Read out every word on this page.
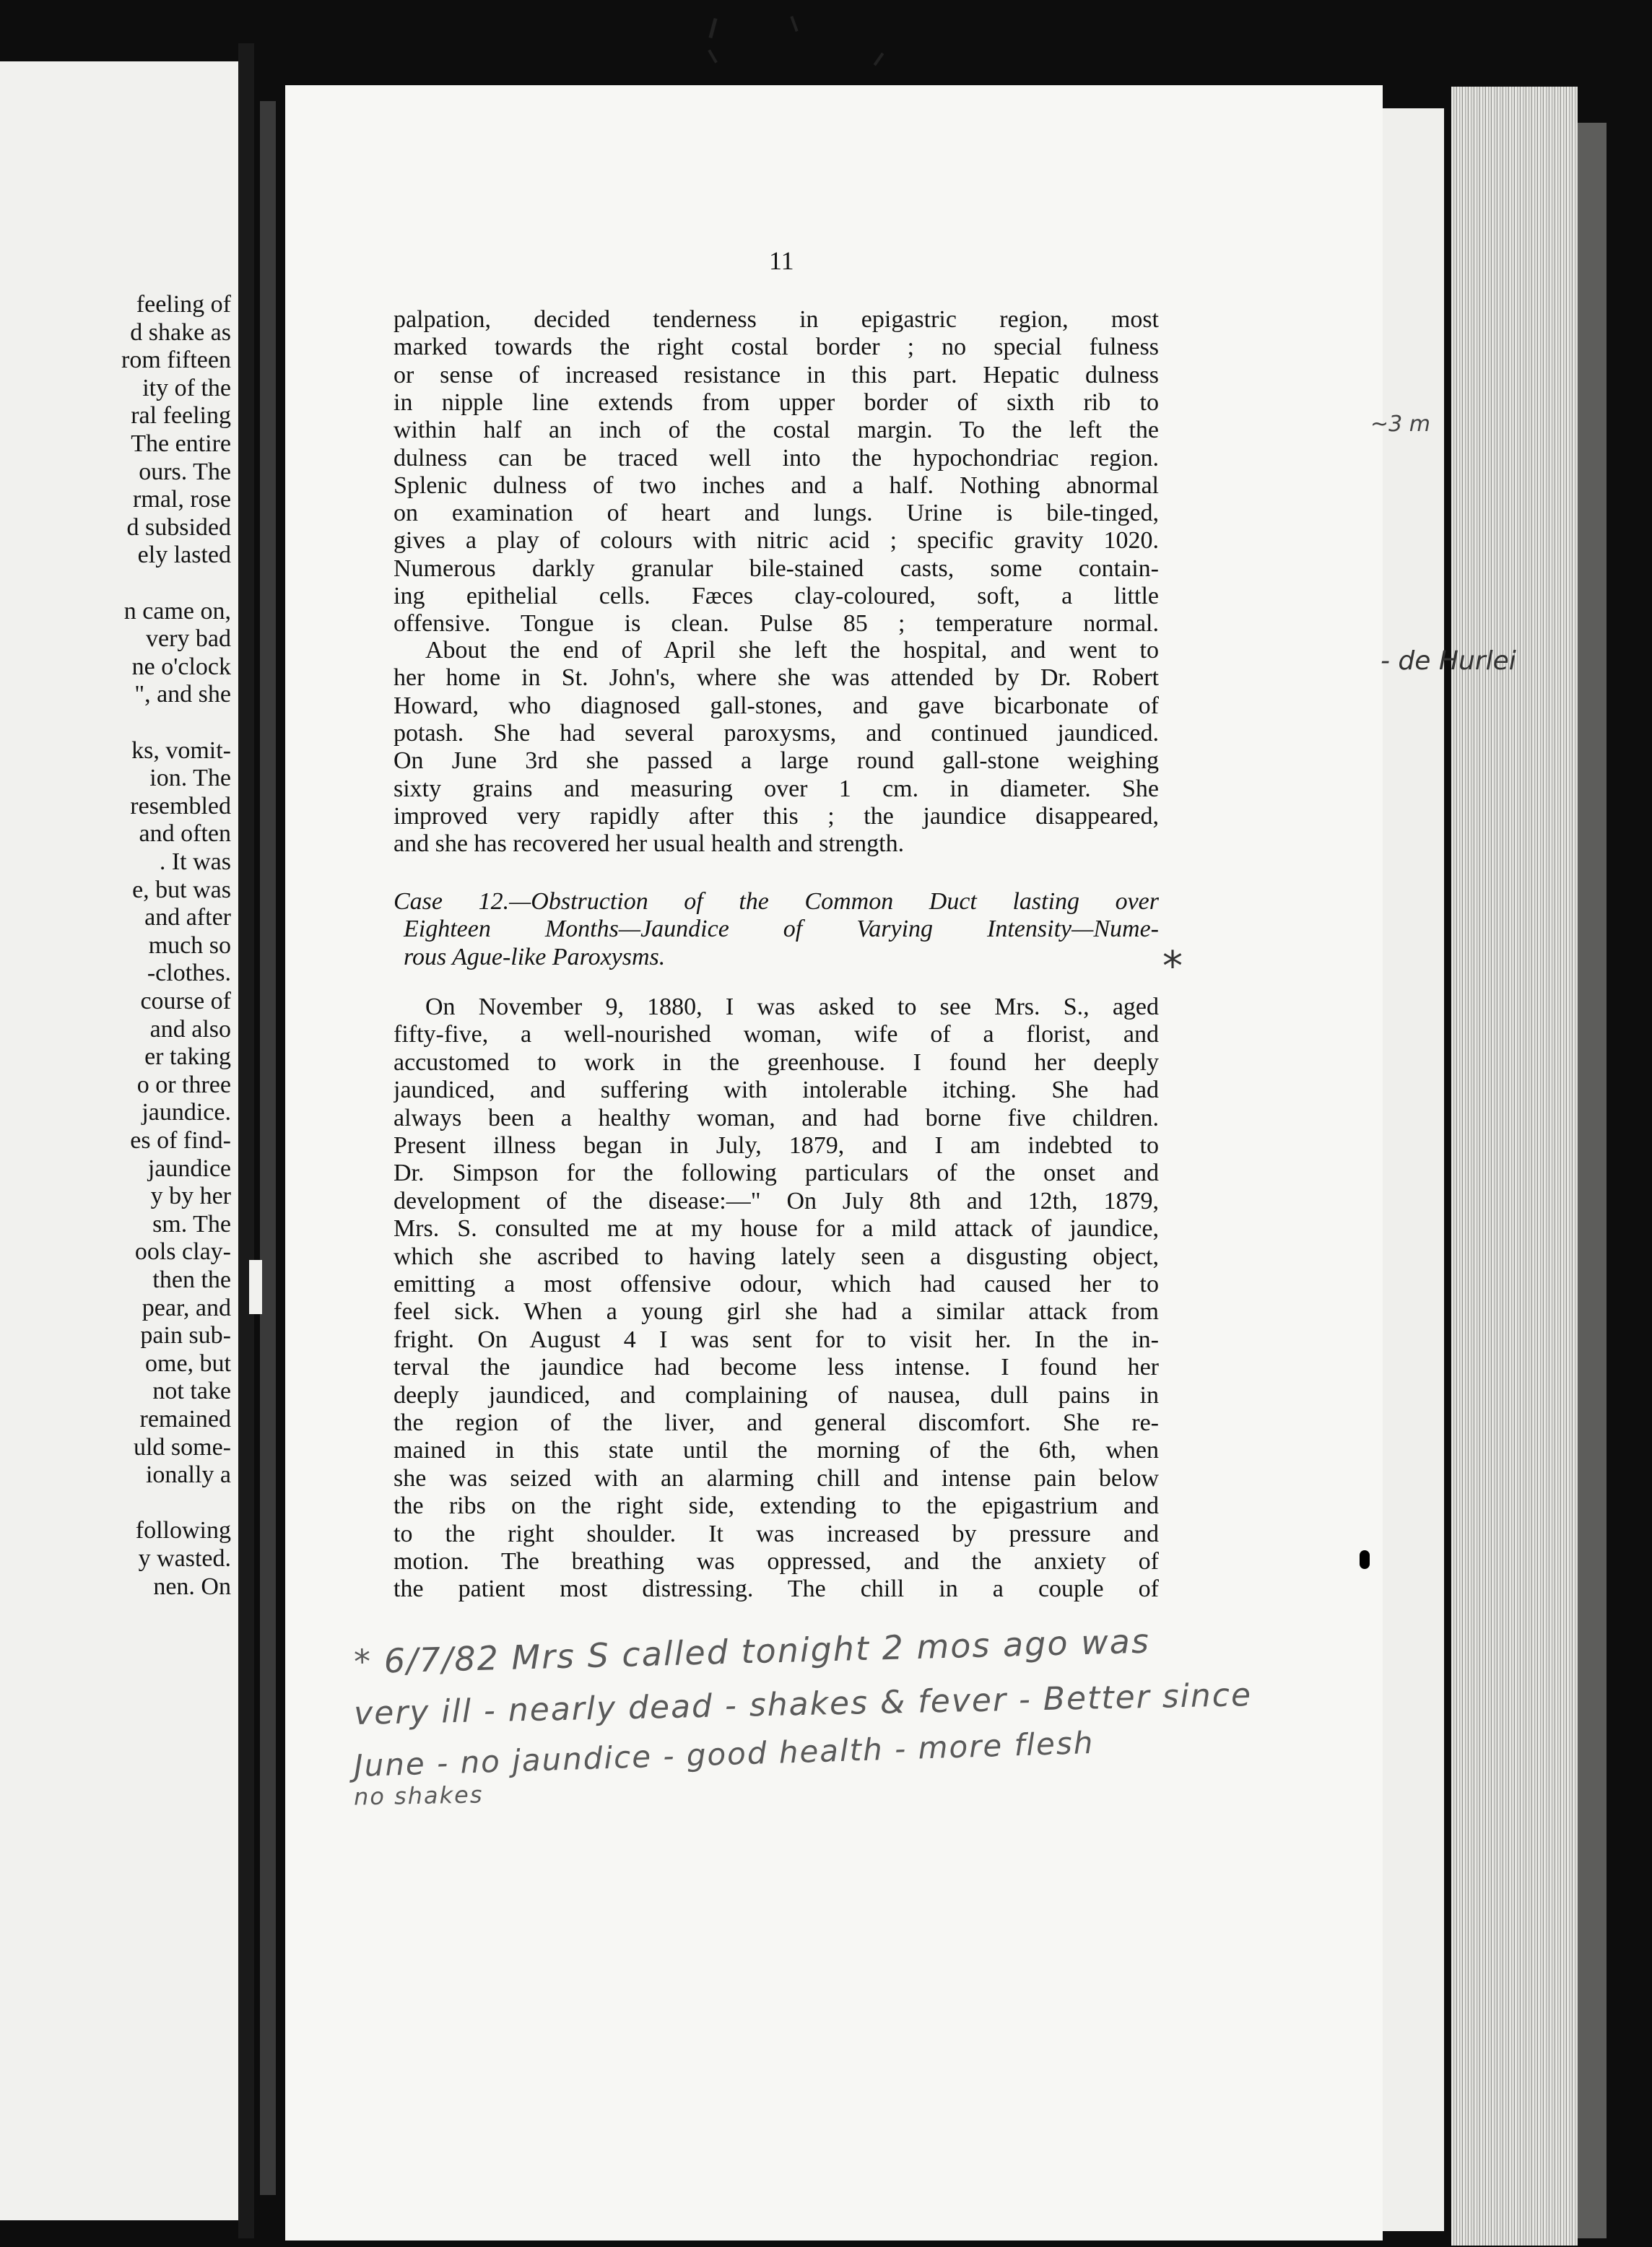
feeling of
d shake as
rom fifteen
ity of the
ral feeling
The entire
ours. The
rmal, rose
d subsided
ely lasted
n came on,
very bad
ne o'clock
", and she
ks, vomit-
ion. The
resembled
and often
. It was
e, but was
and after
much so
-clothes.
course of
and also
er taking
o or three
jaundice.
es of find-
jaundice
y by her
sm. The
ools clay-
then the
pear, and
pain sub-
ome, but
not take
remained
uld some-
ionally a
following
y wasted.
nen. On
11
palpation, decided tenderness in epigastric region, most
marked towards the right costal border ; no special fulness
or sense of increased resistance in this part. Hepatic dulness
in nipple line extends from upper border of sixth rib to
within half an inch of the costal margin. To the left the
dulness can be traced well into the hypochondriac region.
Splenic dulness of two inches and a half. Nothing abnormal
on examination of heart and lungs. Urine is bile-tinged,
gives a play of colours with nitric acid ; specific gravity 1020.
Numerous darkly granular bile-stained casts, some contain-
ing epithelial cells. Fæces clay-coloured, soft, a little
offensive. Tongue is clean. Pulse 85 ; temperature normal.
About the end of April she left the hospital, and went to
her home in St. John's, where she was attended by Dr. Robert
Howard, who diagnosed gall-stones, and gave bicarbonate of
potash. She had several paroxysms, and continued jaundiced.
On June 3rd she passed a large round gall-stone weighing
sixty grains and measuring over 1 cm. in diameter. She
improved very rapidly after this ; the jaundice disappeared,
and she has recovered her usual health and strength.
Case 12.—Obstruction of the Common Duct lasting over
Eighteen Months—Jaundice of Varying Intensity—Nume-
rous Ague-like Paroxysms.
On November 9, 1880, I was asked to see Mrs. S., aged
fifty-five, a well-nourished woman, wife of a florist, and
accustomed to work in the greenhouse. I found her deeply
jaundiced, and suffering with intolerable itching. She had
always been a healthy woman, and had borne five children.
Present illness began in July, 1879, and I am indebted to
Dr. Simpson for the following particulars of the onset and
development of the disease:—" On July 8th and 12th, 1879,
Mrs. S. consulted me at my house for a mild attack of jaundice,
which she ascribed to having lately seen a disgusting object,
emitting a most offensive odour, which had caused her to
feel sick. When a young girl she had a similar attack from
fright. On August 4 I was sent for to visit her. In the in-
terval the jaundice had become less intense. I found her
deeply jaundiced, and complaining of nausea, dull pains in
the region of the liver, and general discomfort. She re-
mained in this state until the morning of the 6th, when
she was seized with an alarming chill and intense pain below
the ribs on the right side, extending to the epigastrium and
to the right shoulder. It was increased by pressure and
motion. The breathing was oppressed, and the anxiety of
the patient most distressing. The chill in a couple of
~3 m
- de Hurlei
*
* 6/7/82 Mrs S called tonight 2 mos ago was
very ill - nearly dead - shakes & fever - Better since
June - no jaundice - good health - more flesh
no shakes
